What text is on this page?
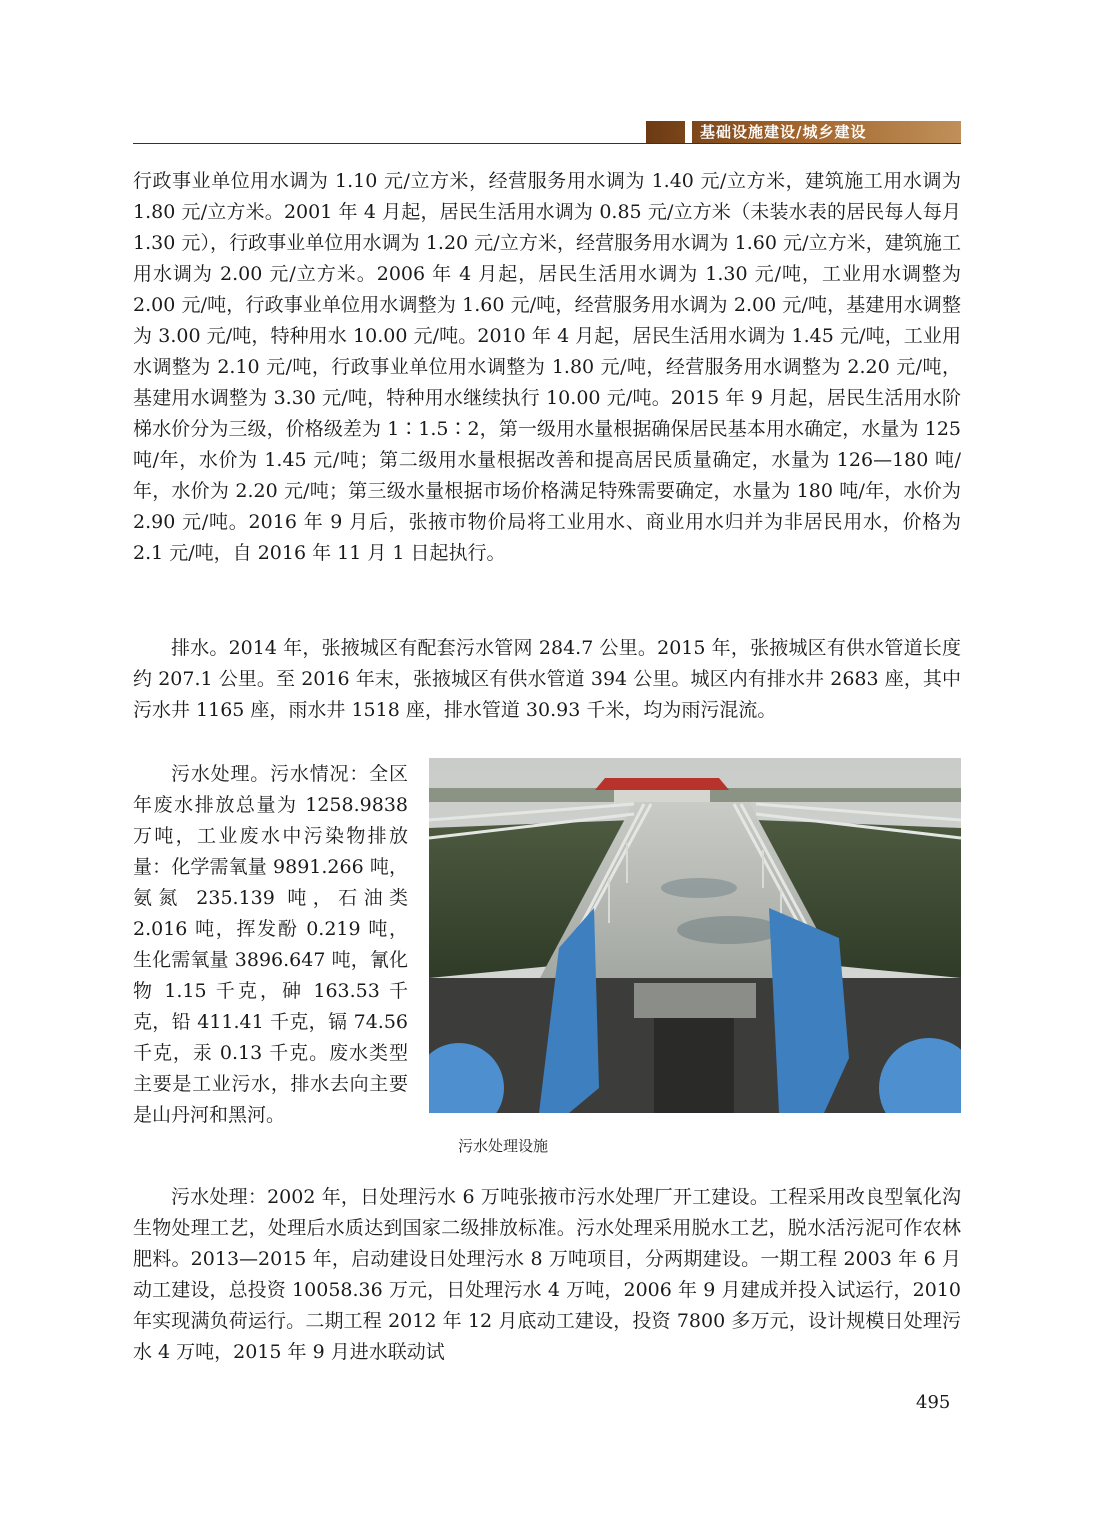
基础设施建设/城乡建设

行政事业单位用水调为 1.10 元/立方米，经营服务用水调为 1.40 元/立方米，建筑施工用水调为 1.80 元/立方米。2001 年 4 月起，居民生活用水调为 0.85 元/立方米（未装水表的居民每人每月 1.30 元），行政事业单位用水调为 1.20 元/立方米，经营服务用水调为 1.60 元/立方米，建筑施工用水调为 2.00 元/立方米。2006 年 4 月起，居民生活用水调为 1.30 元/吨，工业用水调整为 2.00 元/吨，行政事业单位用水调整为 1.60 元/吨，经营服务用水调为 2.00 元/吨，基建用水调整为 3.00 元/吨，特种用水 10.00 元/吨。2010 年 4 月起，居民生活用水调为 1.45 元/吨，工业用水调整为 2.10 元/吨，行政事业单位用水调整为 1.80 元/吨，经营服务用水调整为 2.20 元/吨，基建用水调整为 3.30 元/吨，特种用水继续执行 10.00 元/吨。2015 年 9 月起，居民生活用水阶梯水价分为三级，价格级差为 1∶1.5∶2，第一级用水量根据确保居民基本用水确定，水量为 125 吨/年，水价为 1.45 元/吨；第二级用水量根据改善和提高居民质量确定，水量为 126—180 吨/年，水价为 2.20 元/吨；第三级水量根据市场价格满足特殊需要确定，水量为 180 吨/年，水价为 2.90 元/吨。2016 年 9 月后，张掖市物价局将工业用水、商业用水归并为非居民用水，价格为 2.1 元/吨，自 2016 年 11 月 1 日起执行。

排水。2014 年，张掖城区有配套污水管网 284.7 公里。2015 年，张掖城区有供水管道长度约 207.1 公里。至 2016 年末，张掖城区有供水管道 394 公里。城区内有排水井 2683 座，其中污水井 1165 座，雨水井 1518 座，排水管道 30.93 千米，均为雨污混流。

污水处理。污水情况：全区年废水排放总量为 1258.9838 万吨，工业废水中污染物排放量：化学需氧量 9891.266 吨，氨氮 235.139 吨，石油类 2.016 吨，挥发酚 0.219 吨，生化需氧量 3896.647 吨，氰化物 1.15 千克，砷 163.53 千克，铅 411.41 千克，镉 74.56 千克，汞 0.13 千克。废水类型主要是工业污水，排水去向主要是山丹河和黑河。

污水处理设施

污水处理：2002 年，日处理污水 6 万吨张掖市污水处理厂开工建设。工程采用改良型氧化沟生物处理工艺，处理后水质达到国家二级排放标准。污水处理采用脱水工艺，脱水活污泥可作农林肥料。2013—2015 年，启动建设日处理污水 8 万吨项目，分两期建设。一期工程 2003 年 6 月动工建设，总投资 10058.36 万元，日处理污水 4 万吨，2006 年 9 月建成并投入试运行，2010 年实现满负荷运行。二期工程 2012 年 12 月底动工建设，投资 7800 多万元，设计规模日处理污水 4 万吨，2015 年 9 月进水联动试

495
